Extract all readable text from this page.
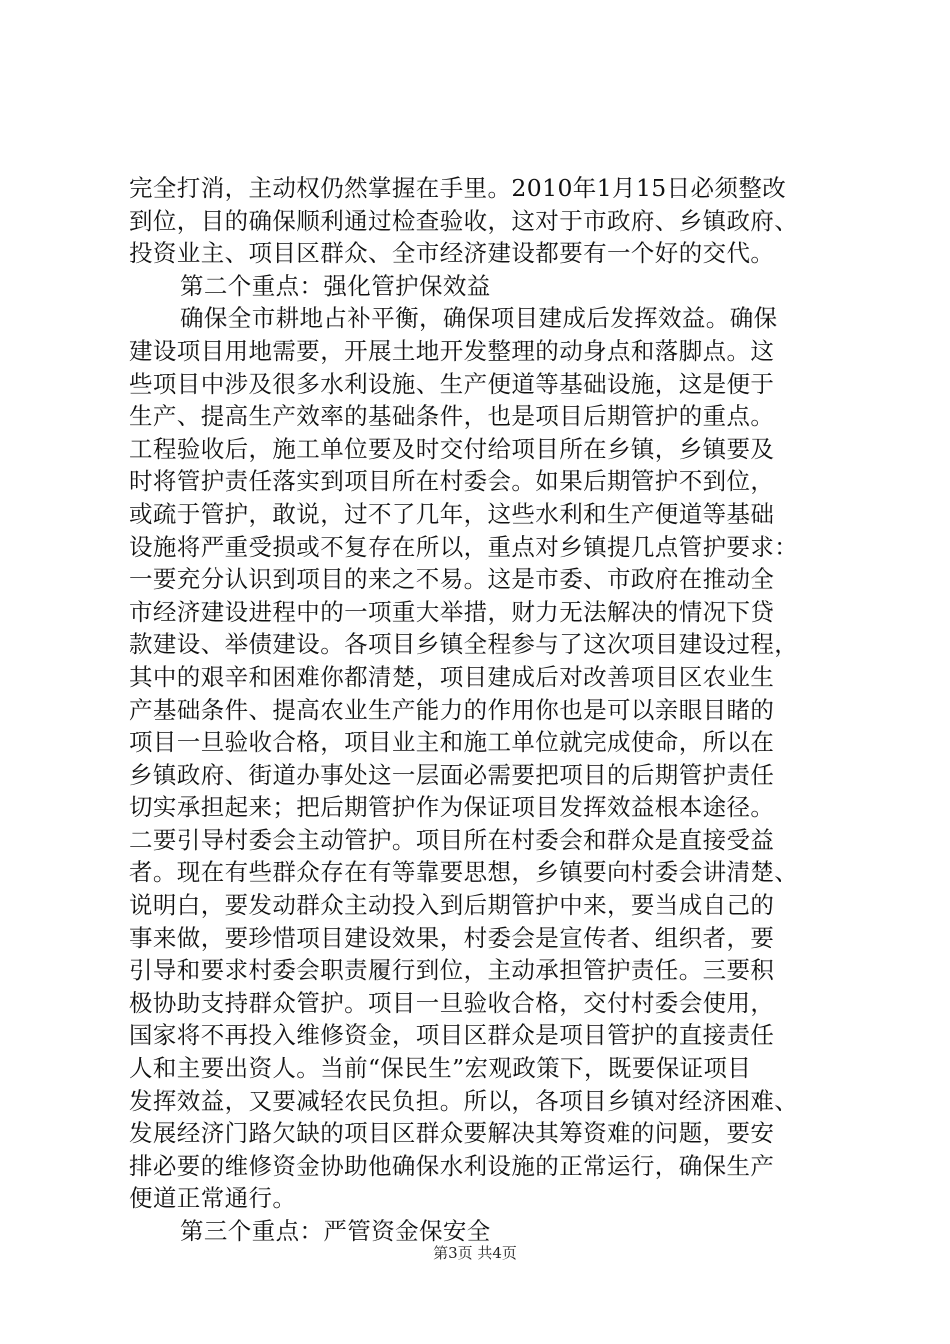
完全打消，主动权仍然掌握在手里。2010年1月15日必须整改
到位，目的确保顺利通过检查验收，这对于市政府、乡镇政府、
投资业主、项目区群众、全市经济建设都要有一个好的交代。
第二个重点：强化管护保效益
确保全市耕地占补平衡，确保项目建成后发挥效益。确保
建设项目用地需要，开展土地开发整理的动身点和落脚点。这
些项目中涉及很多水利设施、生产便道等基础设施，这是便于
生产、提高生产效率的基础条件，也是项目后期管护的重点。
工程验收后，施工单位要及时交付给项目所在乡镇，乡镇要及
时将管护责任落实到项目所在村委会。如果后期管护不到位，
或疏于管护，敢说，过不了几年，这些水利和生产便道等基础
设施将严重受损或不复存在所以，重点对乡镇提几点管护要求：
一要充分认识到项目的来之不易。这是市委、市政府在推动全
市经济建设进程中的一项重大举措，财力无法解决的情况下贷
款建设、举债建设。各项目乡镇全程参与了这次项目建设过程，
其中的艰辛和困难你都清楚，项目建成后对改善项目区农业生
产基础条件、提高农业生产能力的作用你也是可以亲眼目睹的
项目一旦验收合格，项目业主和施工单位就完成使命，所以在
乡镇政府、街道办事处这一层面必需要把项目的后期管护责任
切实承担起来；把后期管护作为保证项目发挥效益根本途径。
二要引导村委会主动管护。项目所在村委会和群众是直接受益
者。现在有些群众存在有等靠要思想，乡镇要向村委会讲清楚、
说明白，要发动群众主动投入到后期管护中来，要当成自己的
事来做，要珍惜项目建设效果，村委会是宣传者、组织者，要
引导和要求村委会职责履行到位，主动承担管护责任。三要积
极协助支持群众管护。项目一旦验收合格，交付村委会使用，
国家将不再投入维修资金，项目区群众是项目管护的直接责任
人和主要出资人。当前“保民生”宏观政策下，既要保证项目
发挥效益，又要减轻农民负担。所以，各项目乡镇对经济困难、
发展经济门路欠缺的项目区群众要解决其筹资难的问题，要安
排必要的维修资金协助他确保水利设施的正常运行，确保生产
便道正常通行。
第三个重点：严管资金保安全
第3页 共4页
